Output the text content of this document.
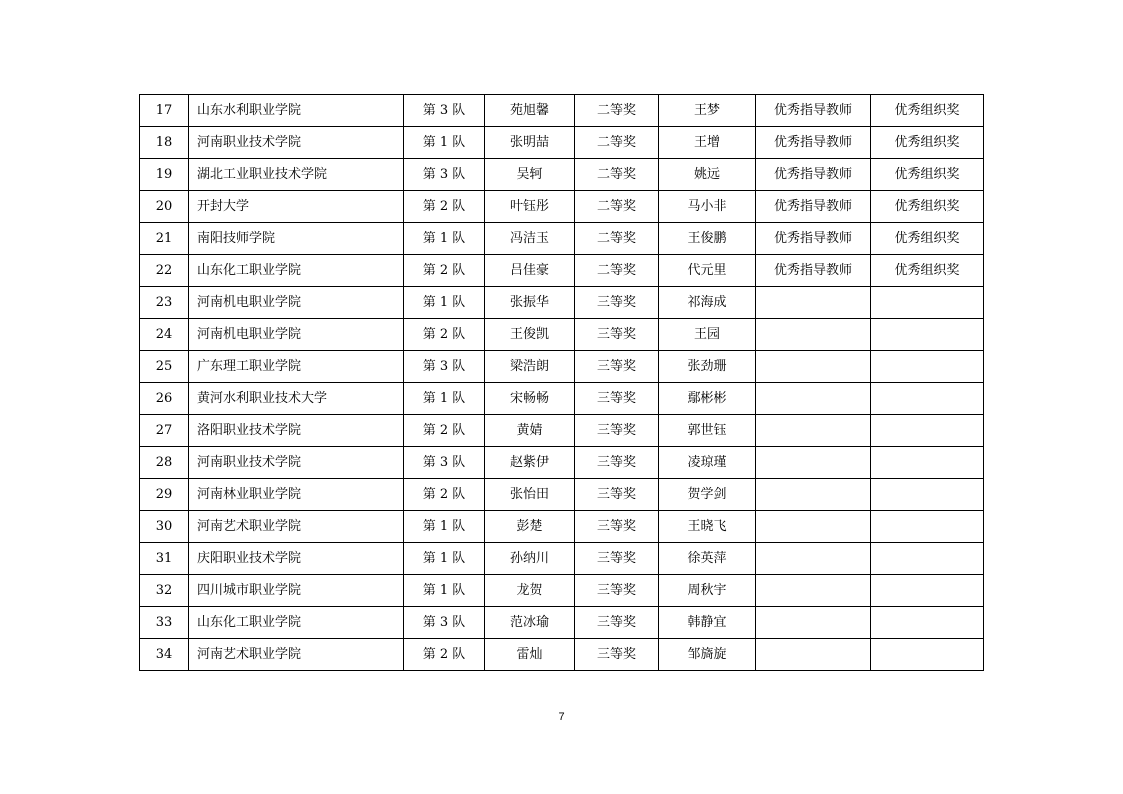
17	山东水利职业学院	第 3 队	苑旭馨	二等奖	王梦	优秀指导教师	优秀组织奖
18	河南职业技术学院	第 1 队	张明喆	二等奖	王增	优秀指导教师	优秀组织奖
19	湖北工业职业技术学院	第 3 队	吴轲	二等奖	姚远	优秀指导教师	优秀组织奖
20	开封大学	第 2 队	叶钰彤	二等奖	马小非	优秀指导教师	优秀组织奖
21	南阳技师学院	第 1 队	冯洁玉	二等奖	王俊鹏	优秀指导教师	优秀组织奖
22	山东化工职业学院	第 2 队	吕佳豪	二等奖	代元里	优秀指导教师	优秀组织奖
23	河南机电职业学院	第 1 队	张振华	三等奖	祁海成		
24	河南机电职业学院	第 2 队	王俊凯	三等奖	王园		
25	广东理工职业学院	第 3 队	梁浩朗	三等奖	张劲珊		
26	黄河水利职业技术大学	第 1 队	宋畅畅	三等奖	鄢彬彬		
27	洛阳职业技术学院	第 2 队	黄婧	三等奖	郭世钰		
28	河南职业技术学院	第 3 队	赵紫伊	三等奖	凌琼瑾		
29	河南林业职业学院	第 2 队	张怡田	三等奖	贺学剑		
30	河南艺术职业学院	第 1 队	彭楚	三等奖	王晓飞		
31	庆阳职业技术学院	第 1 队	孙纳川	三等奖	徐英萍		
32	四川城市职业学院	第 1 队	龙贺	三等奖	周秋宇		
33	山东化工职业学院	第 3 队	范冰瑜	三等奖	韩静宜		
34	河南艺术职业学院	第 2 队	雷灿	三等奖	邹旖旋		
7
